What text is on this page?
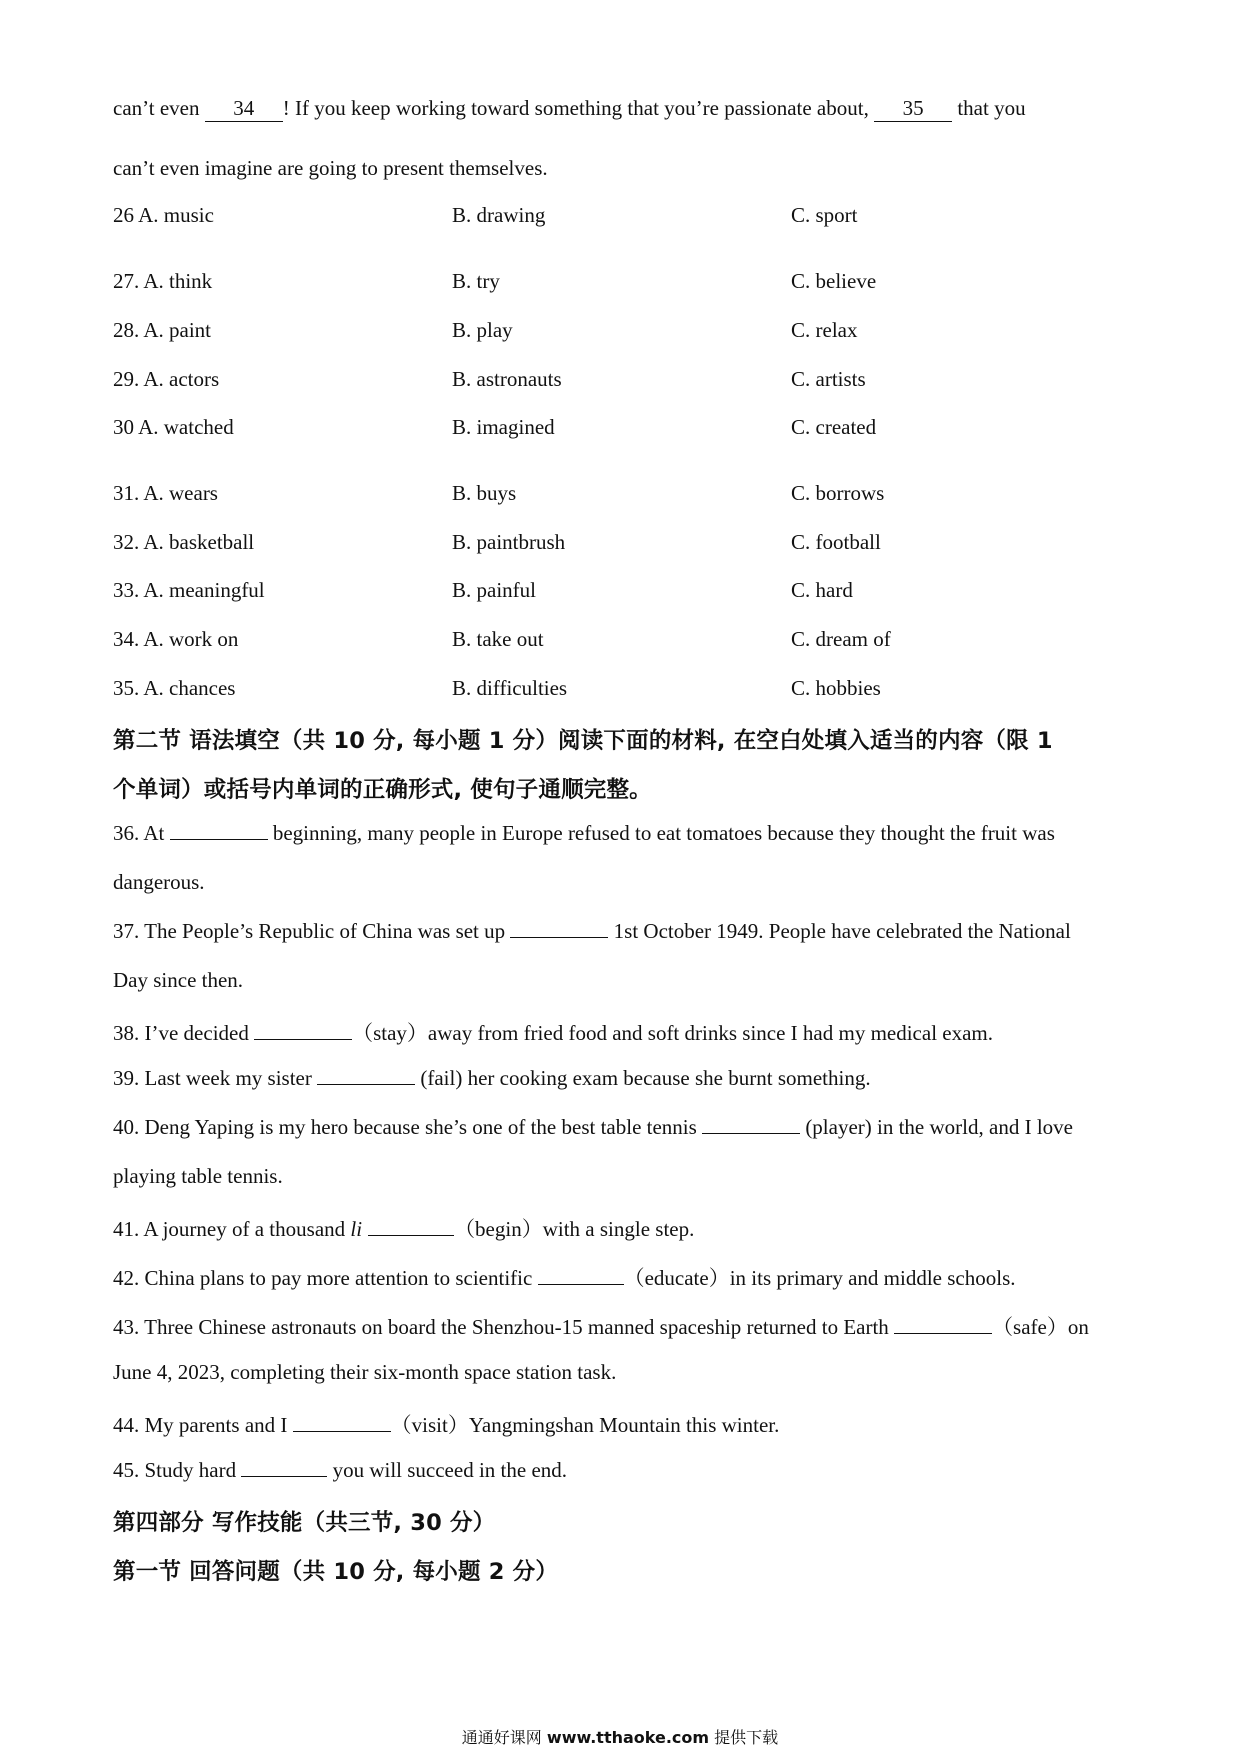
can’t even 34 ! If you keep working toward something that you’re passionate about, 35 that you
can’t even imagine are going to present themselves.
26 A. music	B. drawing	C. sport
27. A. think	B. try	C. believe
28. A. paint	B. play	C. relax
29. A. actors	B. astronauts	C. artists
30 A. watched	B. imagined	C. created
31. A. wears	B. buys	C. borrows
32. A. basketball	B. paintbrush	C. football
33. A. meaningful	B. painful	C. hard
34. A. work on	B. take out	C. dream of
35. A. chances	B. difficulties	C. hobbies
第二节 语法填空（共 10 分, 每小题 1 分）阅读下面的材料, 在空白处填入适当的内容（限 1
个单词）或括号内单词的正确形式, 使句子通顺完整。
36. At	beginning, many people in Europe refused to eat tomatoes because they thought the fruit was
dangerous.
37. The People’s Republic of China was set up	1st October 1949. People have celebrated the National
Day since then.
38. I’ve decided	（stay）away from fried food and soft drinks since I had my medical exam.
39. Last week my sister	(fail) her cooking exam because she burnt something.
40. Deng Yaping is my hero because she’s one of the best table tennis	(player) in the world, and I love
playing table tennis.
41. A journey of a thousand li	（begin）with a single step.
42. China plans to pay more attention to scientific	（educate）in its primary and middle schools.
43. Three Chinese astronauts on board the Shenzhou-15 manned spaceship returned to Earth	（safe）on
June 4, 2023, completing their six-month space station task.
44. My parents and I	（visit）Yangmingshan Mountain this winter.
45. Study hard	you will succeed in the end.
第四部分 写作技能（共三节, 30 分）
第一节 回答问题（共 10 分, 每小题 2 分）
通通好课网 www.tthaoke.com 提供下载
